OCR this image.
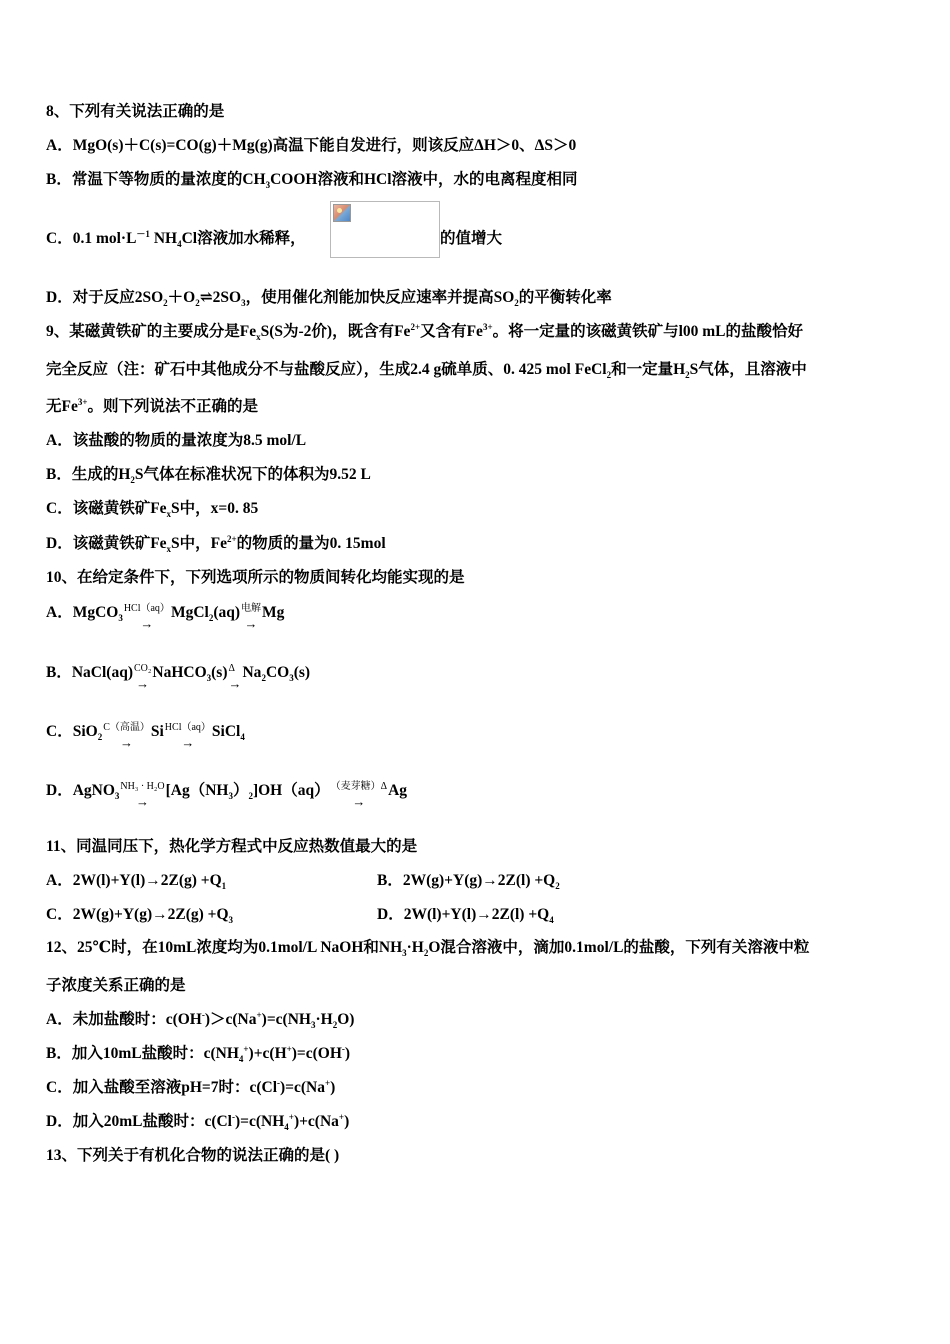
8、下列有关说法正确的是
A．MgO(s)＋C(s)=CO(g)＋Mg(g)高温下能自发进行，则该反应ΔH＞0、ΔS＞0
B．常温下等物质的量浓度的$CH_3COOH$溶液和HCl溶液中，水的电离程度相同
C．0.1 $mol\cdot L^{-1}$ $NH_4Cl$溶液加水稀释，	的值增大
D．对于反应$2SO_2+O_2\rightleftharpoons 2SO_3$，使用催化剂能加快反应速率并提高$SO_2$的平衡转化率
9、某磁黄铁矿的主要成分是$Fe_xS(S$为-2价)，既含有$Fe^{2+}$又含有$Fe^{3+}$。将一定量的该磁黄铁矿与l00 mL的盐酸恰好
完全反应（注：矿石中其他成分不与盐酸反应），生成2.4 g硫单质、0. 425 mol FeCl$_2$和一定量$H_2S$气体，且溶液中
无$Fe^{3+}$。则下列说法不正确的是
A．该盐酸的物质的量浓度为8.5 mol/L
B．生成的$H_2S$气体在标准状况下的体积为9.52 L
C．该磁黄铁矿$Fe_xS$中，x=0. 85
D．该磁黄铁矿$Fe_xS$中，$Fe^{2+}$的物质的量为0. 15mol
10、在给定条件下，下列选项所示的物质间转化均能实现的是
A．MgCO$_3$
HCl（aq）
→
MgCl$_2$(aq) 电解
→
Mg
B．NaCl(aq) CO₂
→
NaHCO$_3$(s) Δ
→
$Na_2CO_3(s)$
C．SiO$_2$
C（高温）
→
Si HCl（aq）
→
SiCl$_4$
D．AgNO$_3$
NH₃ · H₂O
→
$[Ag(NH_3)_2]OH(aq)$ （麦芽糖）Δ
→
Ag
11、同温同压下，热化学方程式中反应热数值最大的是
A．$2W(l)+Y(l)\to 2Z(g) +Q_1$	B．$2W(g)+Y(g)\to 2Z(l) +Q_2$
C．$2W(g)+Y(g)\to 2Z(g) +Q_3$	D．$2W(l)+Y(l)\to 2Z(l) +Q_4$
12、25℃时，在10mL浓度均为0.1mol/L NaOH和$NH_3\cdot H_2O$混合溶液中，滴加0.1mol/L的盐酸，下列有关溶液中粒
子浓度关系正确的是
A．未加盐酸时：$c(OH^-)>c(Na^+)=c(NH_3\cdot H_2O)$
B．加入10mL盐酸时：$c(NH_4^+)+c(H^+)=c(OH^-)$
C．加入盐酸至溶液pH=7时：c(Cl-)=c(Na+)
D．加入20mL盐酸时：$c(Cl^-)=c(NH_4^+)+c(Na^+)$
13、下列关于有机化合物的说法正确的是( )
